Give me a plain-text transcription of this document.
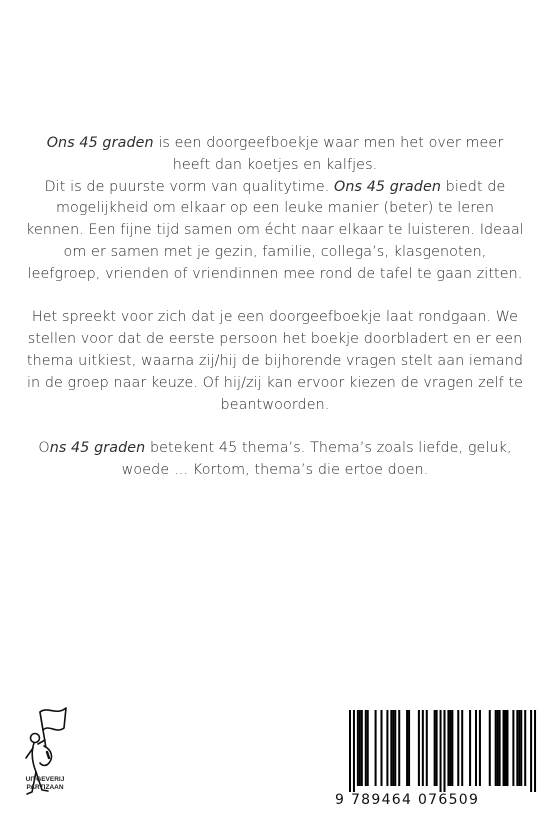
Ons 45 graden is een doorgeefboekje waar men het over meer heeft dan koetjes en kalfjes.
Dit is de puurste vorm van qualitytime. Ons 45 graden biedt de mogelijkheid om elkaar op een leuke manier (beter) te leren kennen. Een fijne tijd samen om écht naar elkaar te luisteren. Ideaal om er samen met je gezin, familie, collega’s, klasgenoten, leefgroep, vrienden of vriendinnen mee rond de tafel te gaan zitten.

Het spreekt voor zich dat je een doorgeefboekje laat rondgaan. We stellen voor dat de eerste persoon het boekje doorbladert en er een thema uitkiest, waarna zij/hij de bijhorende vragen stelt aan iemand in de groep naar keuze. Of hij/zij kan ervoor kiezen de vragen zelf te beantwoorden.

Ons 45 graden betekent 45 thema’s. Thema’s zoals liefde, geluk, woede … Kortom, thema’s die ertoe doen.

UITGEVERIJ
PARTIZAAN
9 789464 076509
